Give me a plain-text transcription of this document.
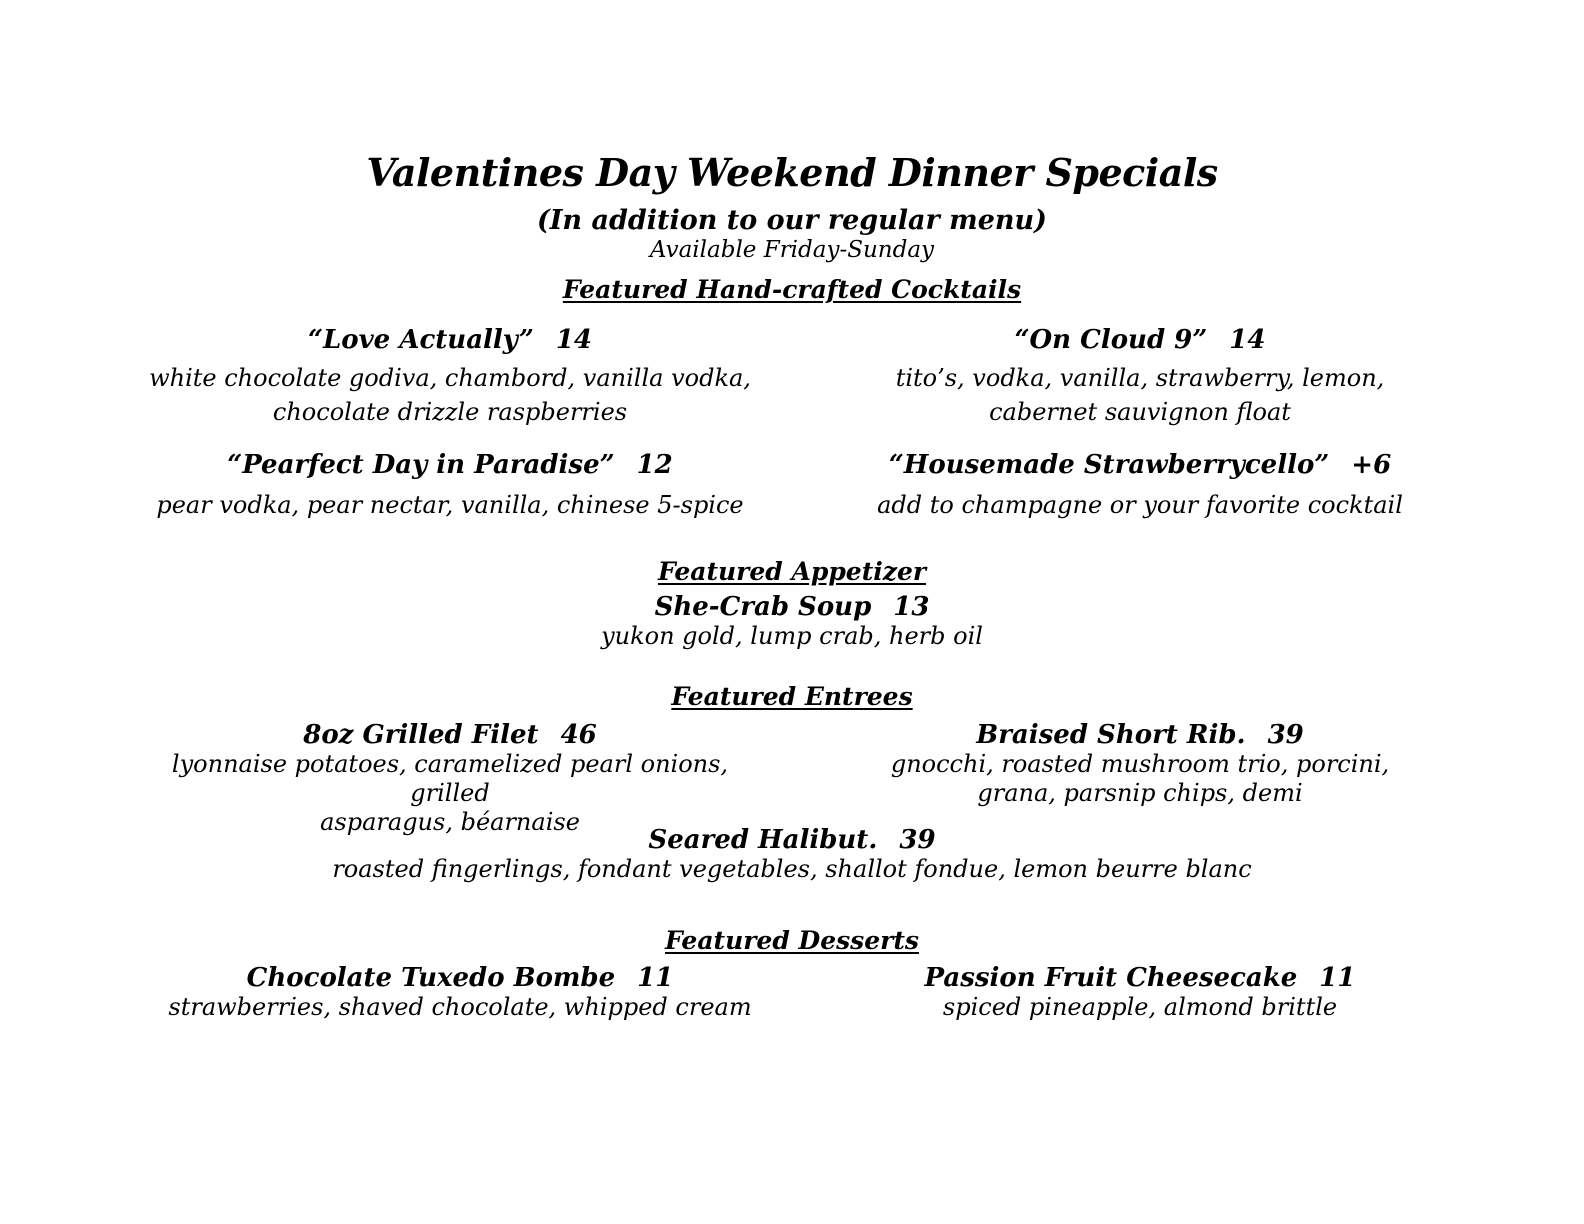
Valentines Day Weekend Dinner Specials
(In addition to our regular menu)
Available Friday-Sunday
Featured Hand-crafted Cocktails
“Love Actually” 14
white chocolate godiva, chambord, vanilla vodka,
chocolate drizzle raspberries
“On Cloud 9” 14
tito’s, vodka, vanilla, strawberry, lemon,
cabernet sauvignon float
“Pearfect Day in Paradise” 12
pear vodka, pear nectar, vanilla, chinese 5-spice
“Housemade Strawberrycello” +6
add to champagne or your favorite cocktail
Featured Appetizer
She-Crab Soup 13
yukon gold, lump crab, herb oil
Featured Entrees
8oz Grilled Filet 46
lyonnaise potatoes, caramelized pearl onions, grilled
asparagus, béarnaise
Braised Short Rib. 39
gnocchi, roasted mushroom trio, porcini,
grana, parsnip chips, demi
Seared Halibut. 39
roasted fingerlings, fondant vegetables, shallot fondue, lemon beurre blanc
Featured Desserts
Chocolate Tuxedo Bombe 11
strawberries, shaved chocolate, whipped cream
Passion Fruit Cheesecake 11
spiced pineapple, almond brittle
